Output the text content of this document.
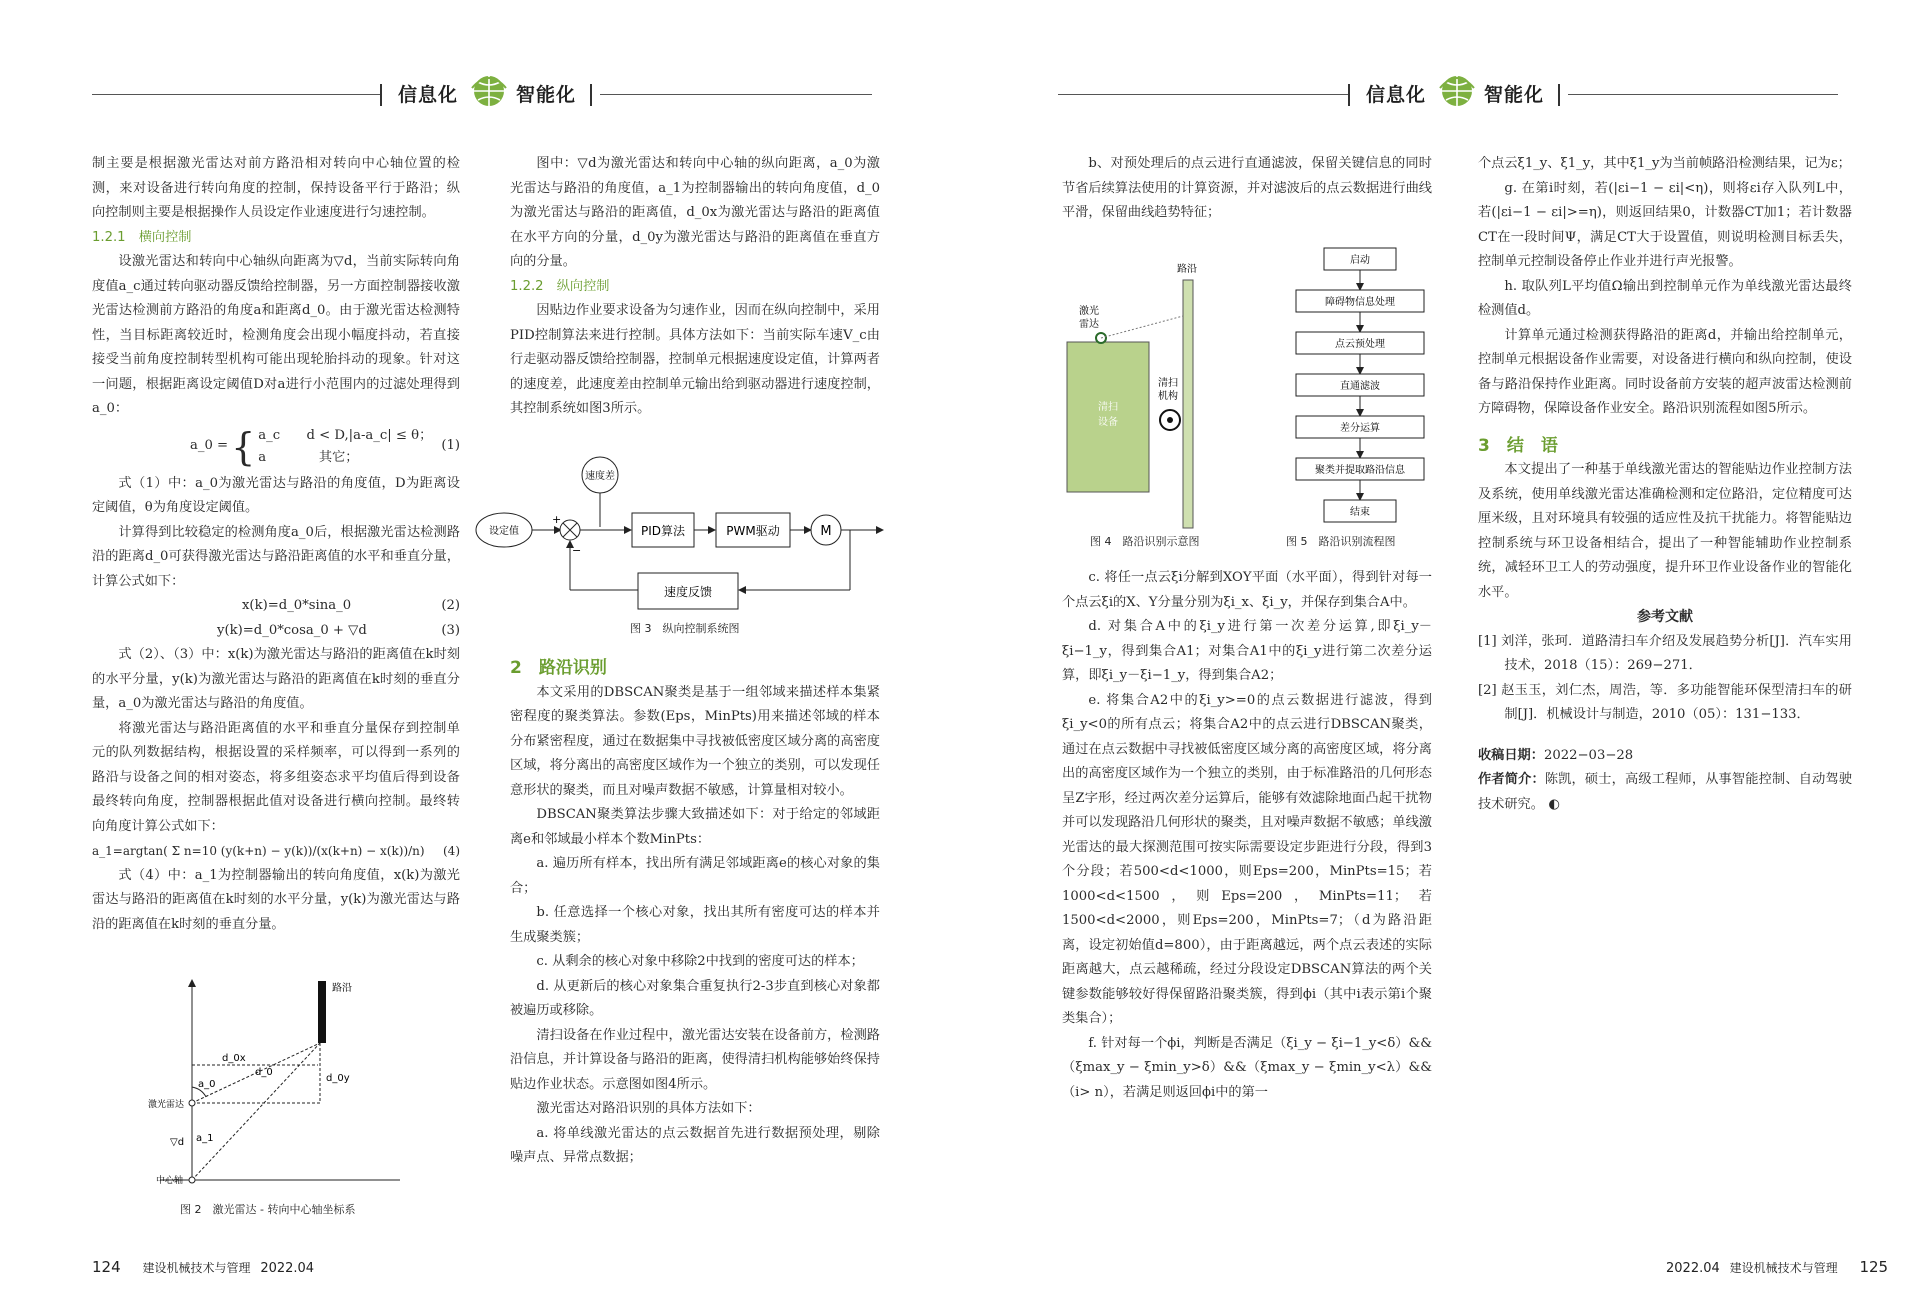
信息化	智能化	信息化	智能化

制主要是根据激光雷达对前方路沿相对转向中心轴位置的检测，来对设备进行转向角度的控制，保持设备平行于路沿；纵向控制则主要是根据操作人员设定作业速度进行匀速控制。

1.2.1　横向控制

设激光雷达和转向中心轴纵向距离为▽d，当前实际转向角度值a_c通过转向驱动器反馈给控制器，另一方面控制器接收激光雷达检测前方路沿的角度a和距离d_0。由于激光雷达检测特性，当目标距离较近时，检测角度会出现小幅度抖动，若直接接受当前角度控制转型机构可能出现轮胎抖动的现象。针对这一问题，根据距离设定阈值D对a进行小范围内的过滤处理得到a_0：

a_0 = { a_c　　d < D,|a-a_c| ≤ θ；
a　　　　其它；
(1)

式（1）中：a_0为激光雷达与路沿的角度值，D为距离设定阈值，θ为角度设定阈值。

计算得到比较稳定的检测角度a_0后，根据激光雷达检测路沿的距离d_0可获得激光雷达与路沿距离值的水平和垂直分量，计算公式如下：

x(k)=d_0*sina_0	(2)
y(k)=d_0*cosa_0 + ▽d	(3)

式（2）、（3）中：x(k)为激光雷达与路沿的距离值在k时刻的水平分量，y(k)为激光雷达与路沿的距离值在k时刻的垂直分量，a_0为激光雷达与路沿的角度值。

将激光雷达与路沿距离值的水平和垂直分量保存到控制单元的队列数据结构，根据设置的采样频率，可以得到一系列的路沿与设备之间的相对姿态，将多组姿态求平均值后得到设备最终转向角度，控制器根据此值对设备进行横向控制。最终转向角度计算公式如下：

a_1=argtan( Σ n=10 (y(k+n) − y(k))/(x(k+n) − x(k))/n) (4)

式（4）中：a_1为控制器输出的转向角度值，x(k)为激光雷达与路沿的距离值在k时刻的水平分量，y(k)为激光雷达与路沿的距离值在k时刻的垂直分量。

路沿
d_0x
d_0
d_0y
a_0
a_1
激光雷达
▽d
中心轴
图 2　激光雷达 - 转向中心轴坐标系

图中：▽d为激光雷达和转向中心轴的纵向距离，a_0为激光雷达与路沿的角度值，a_1为控制器输出的转向角度值，d_0为激光雷达与路沿的距离值，d_0x为激光雷达与路沿的距离值在水平方向的分量，d_0y为激光雷达与路沿的距离值在垂直方向的分量。

1.2.2　纵向控制

因贴边作业要求设备为匀速作业，因而在纵向控制中，采用PID控制算法来进行控制。具体方法如下：当前实际车速V_c由行走驱动器反馈给控制器，控制单元根据速度设定值，计算两者的速度差，此速度差由控制单元输出给到驱动器进行速度控制，其控制系统如图3所示。

速度差
设定值
+
−
PID算法	PWM驱动	M
速度反馈
图 3　纵向控制系统图

2　路沿识别

本文采用的DBSCAN聚类是基于一组邻域来描述样本集紧密程度的聚类算法。参数(Eps，MinPts)用来描述邻域的样本分布紧密程度，通过在数据集中寻找被低密度区域分离的高密度区域，将分离出的高密度区域作为一个独立的类别，可以发现任意形状的聚类，而且对噪声数据不敏感，计算量相对较小。

DBSCAN聚类算法步骤大致描述如下：对于给定的邻域距离e和邻域最小样本个数MinPts：

a. 遍历所有样本，找出所有满足邻域距离e的核心对象的集合；

b. 任意选择一个核心对象，找出其所有密度可达的样本并生成聚类簇；

c. 从剩余的核心对象中移除2中找到的密度可达的样本；

d. 从更新后的核心对象集合重复执行2-3步直到核心对象都被遍历或移除。

清扫设备在作业过程中，激光雷达安装在设备前方，检测路沿信息，并计算设备与路沿的距离，使得清扫机构能够始终保持贴边作业状态。示意图如图4所示。

激光雷达对路沿识别的具体方法如下：

a. 将单线激光雷达的点云数据首先进行数据预处理，剔除噪声点、异常点数据；

b、对预处理后的点云进行直通滤波，保留关键信息的同时节省后续算法使用的计算资源，并对滤波后的点云数据进行曲线平滑，保留曲线趋势特征；

路沿
清扫
设备
激光
雷达
清扫
机构
图 4　路沿识别示意图
启动
障碍物信息处理
点云预处理
直通滤波
差分运算
聚类并提取路沿信息
结束
图 5　路沿识别流程图

c. 将任一点云ξi分解到XOY平面（水平面），得到针对每一个点云ξi的X、Y分量分别为ξi_x、ξi_y，并保存到集合A中。

d. 对集合A中的ξi_y进行第一次差分运算,即ξi_y－ξi−1_y，得到集合A1；对集合A1中的ξi_y进行第二次差分运算，即ξi_y－ξi−1_y，得到集合A2；

e. 将集合A2中的ξi_y>=0的点云数据进行滤波，得到ξi_y<0的所有点云；将集合A2中的点云进行DBSCAN聚类，通过在点云数据中寻找被低密度区域分离的高密度区域，将分离出的高密度区域作为一个独立的类别，由于标准路沿的几何形态呈Z字形，经过两次差分运算后，能够有效滤除地面凸起干扰物并可以发现路沿几何形状的聚类，且对噪声数据不敏感；单线激光雷达的最大探测范围可按实际需要设定步距进行分段，得到3个分段；若500<d<1000，则Eps=200，MinPts=15；若1000<d<1500，则Eps=200，MinPts=11；若1500<d<2000，则Eps=200，MinPts=7；（d为路沿距离，设定初始值d=800），由于距离越远，两个点云表述的实际距离越大，点云越稀疏，经过分段设定DBSCAN算法的两个关键参数能够较好得保留路沿聚类簇，得到ϕi（其中i表示第i个聚类集合）；

f. 针对每一个ϕi，判断是否满足（ξi_y − ξi−1_y<δ）&&（ξmax_y − ξmin_y>δ）&&（ξmax_y − ξmin_y<λ）&&（i> n），若满足则返回ϕi中的第一

个点云ξ1_y、ξ1_y，其中ξ1_y为当前帧路沿检测结果，记为ε；

g. 在第i时刻，若(|εi−1 − εi|<η)，则将εi存入队列L中，若(|εi−1 − εi|>=η)，则返回结果0，计数器CT加1；若计数器CT在一段时间Ψ，满足CT大于设置值，则说明检测目标丢失，控制单元控制设备停止作业并进行声光报警。

h. 取队列L平均值Ω输出到控制单元作为单线激光雷达最终检测值d。

计算单元通过检测获得路沿的距离d，并输出给控制单元，控制单元根据设备作业需要，对设备进行横向和纵向控制，使设备与路沿保持作业距离。同时设备前方安装的超声波雷达检测前方障碍物，保障设备作业安全。路沿识别流程如图5所示。

3　结　语

本文提出了一种基于单线激光雷达的智能贴边作业控制方法及系统，使用单线激光雷达准确检测和定位路沿，定位精度可达厘米级，且对环境具有较强的适应性及抗干扰能力。将智能贴边控制系统与环卫设备相结合，提出了一种智能辅助作业控制系统，减轻环卫工人的劳动强度，提升环卫作业设备作业的智能化水平。

参考文献

[1] 刘洋，张珂．道路清扫车介绍及发展趋势分析[J]．汽车实用技术，2018（15）：269−271．

[2] 赵玉玉，刘仁杰，周浩，等．多功能智能环保型清扫车的研制[J]．机械设计与制造，2010（05）：131−133．

收稿日期：2022−03−28

作者简介：陈凯，硕士，高级工程师，从事智能控制、自动驾驶技术研究。 ◐

124 建设机械技术与管理 2022.04	2022.04 建设机械技术与管理 125
